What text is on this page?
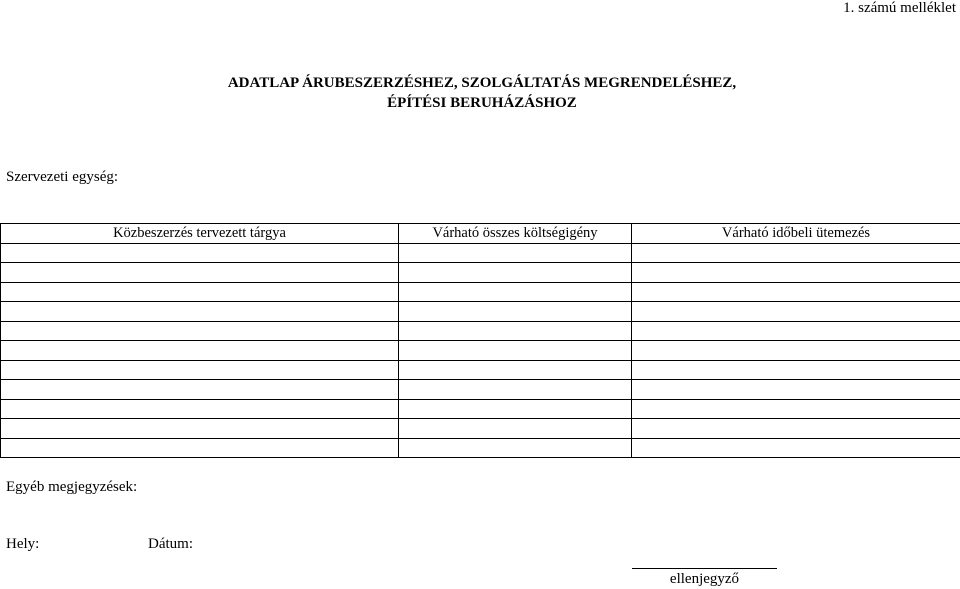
1. számú melléklet
ADATLAP ÁRUBESZERZÉSHEZ, SZOLGÁLTATÁS MEGRENDELÉSHEZ,
ÉPÍTÉSI BERUHÁZÁSHOZ
Szervezeti egység:
Közbeszerzés tervezett tárgya	Várható összes költségigény	Várható időbeli ütemezés

Egyéb megjegyzések:
Hely:	Dátum:
ellenjegyző
